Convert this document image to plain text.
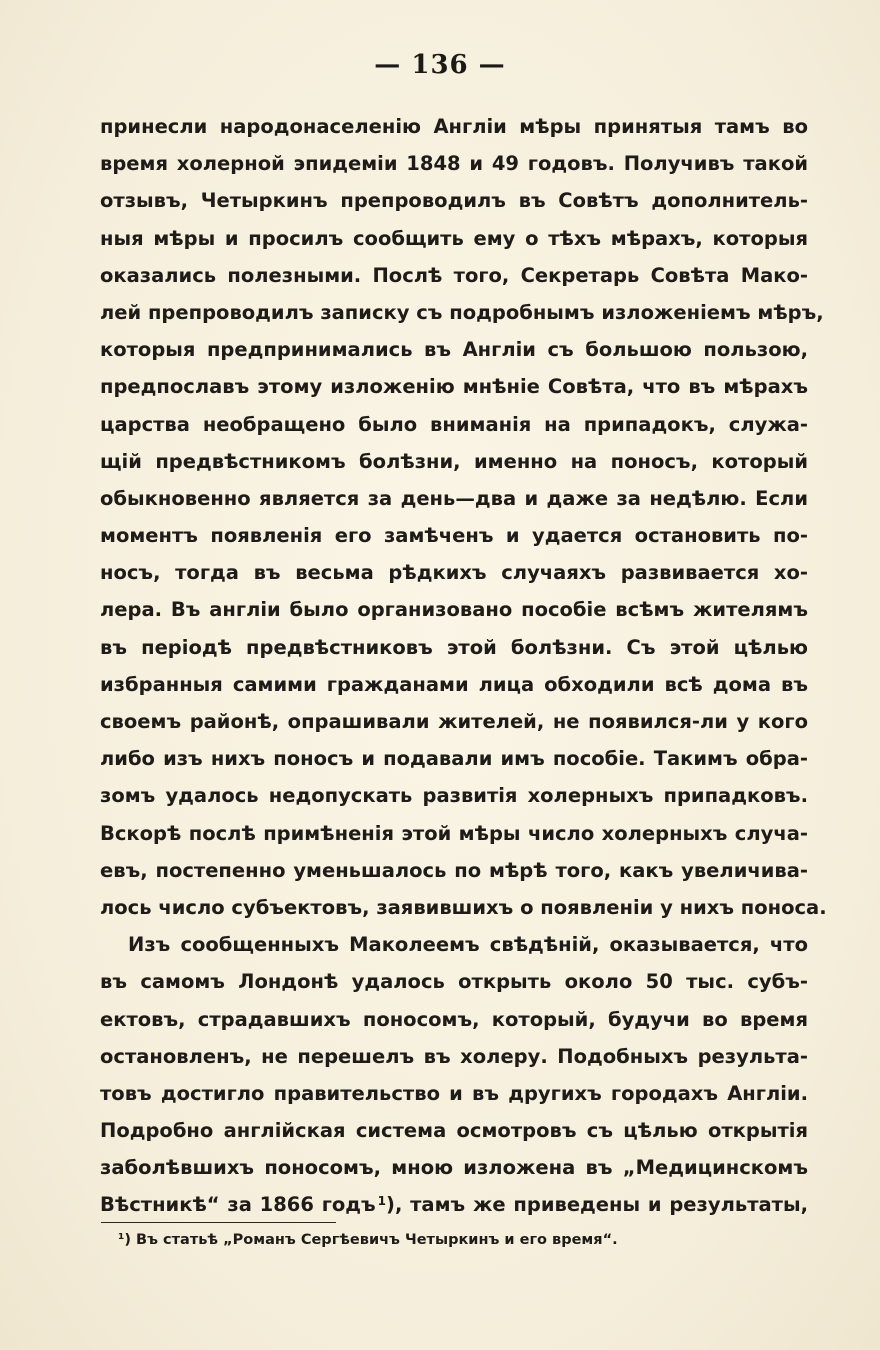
— 136 —
принесли народонаселенію Англіи мѣры принятыя тамъ во
время холерной эпидеміи 1848 и 49 годовъ. Получивъ такой
отзывъ, Четыркинъ препроводилъ въ Совѣтъ дополнитель-
ныя мѣры и просилъ сообщить ему о тѣхъ мѣрахъ, которыя
оказались полезными. Послѣ того, Секретарь Совѣта Мако-
лей препроводилъ записку съ подробнымъ изложеніемъ мѣръ,
которыя предпринимались въ Англіи съ большою пользою,
предпославъ этому изложенію мнѣніе Совѣта, что въ мѣрахъ
царства необращено было вниманія на припадокъ, служа-
щій предвѣстникомъ болѣзни, именно на поносъ, который
обыкновенно является за день—два и даже за недѣлю. Если
моментъ появленія его замѣченъ и удается остановить по-
носъ, тогда въ весьма рѣдкихъ случаяхъ развивается хо-
лера. Въ англіи было организовано пособіе всѣмъ жителямъ
въ періодѣ предвѣстниковъ этой болѣзни. Съ этой цѣлью
избранныя самими гражданами лица обходили всѣ дома въ
своемъ районѣ, опрашивали жителей, не появился-ли у кого
либо изъ нихъ поносъ и подавали имъ пособіе. Такимъ обра-
зомъ удалось недопускать развитія холерныхъ припадковъ.
Вскорѣ послѣ примѣненія этой мѣры число холерныхъ случа-
евъ, постепенно уменьшалось по мѣрѣ того, какъ увеличива-
лось число субъектовъ, заявившихъ о появленіи у нихъ поноса.
Изъ сообщенныхъ Маколеемъ свѣдѣній, оказывается, что
въ самомъ Лондонѣ удалось открыть около 50 тыс. субъ-
ектовъ, страдавшихъ поносомъ, который, будучи во время
остановленъ, не перешелъ въ холеру. Подобныхъ результа-
товъ достигло правительство и въ другихъ городахъ Англіи.
Подробно англійская система осмотровъ съ цѣлью открытія
заболѣвшихъ поносомъ, мною изложена въ „Медицинскомъ
Вѣстникѣ“ за 1866 годъ  $^1$), тамъ же приведены и результаты,
¹) Въ статьѣ „Романъ Сергѣевичъ Четыркинъ и его время“.
